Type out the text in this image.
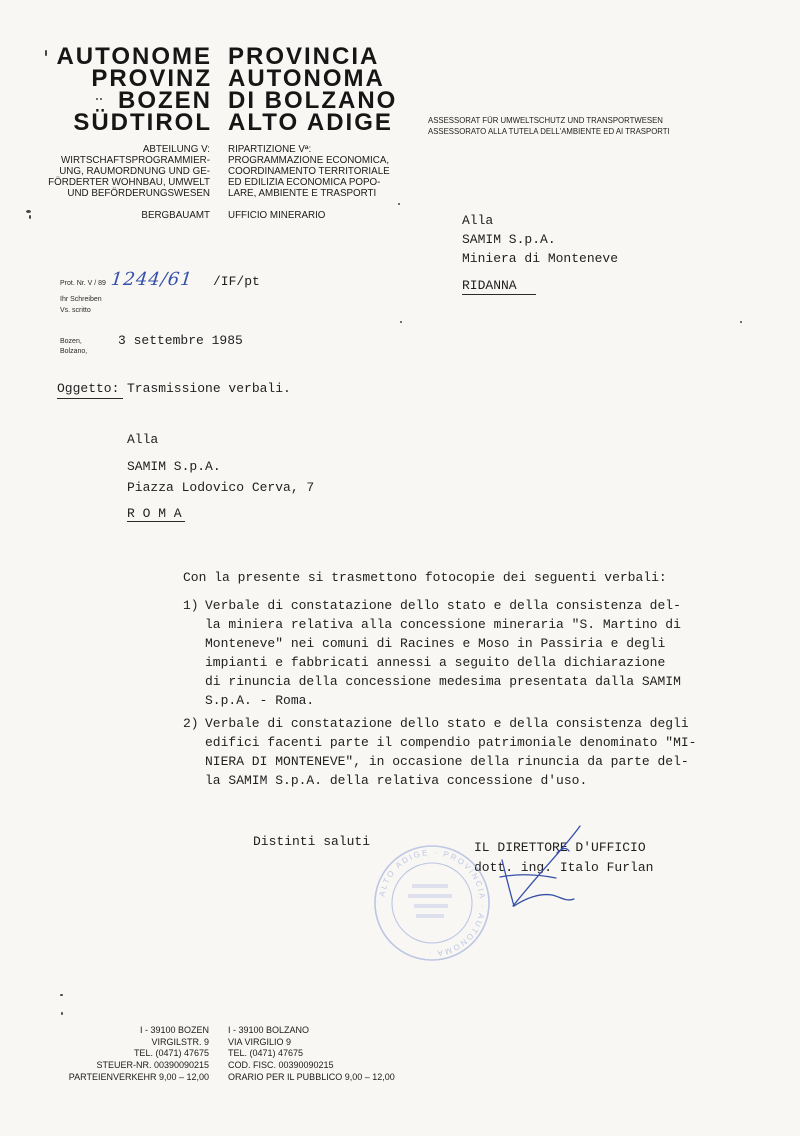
AUTONOME
PROVINZ
BOZEN
SÜDTIROL
PROVINCIA
AUTONOMA
DI BOLZANO
ALTO ADIGE	ASSESSORAT FÜR UMWELTSCHUTZ UND TRANSPORTWESEN
ASSESSORATO ALLA TUTELA DELL'AMBIENTE ED AI TRASPORTI
ABTEILUNG V:
WIRTSCHAFTSPROGRAMMIER-
UNG, RAUMORDNUNG UND GE-
FÖRDERTER WOHNBAU, UMWELT
UND BEFÖRDERUNGSWESEN
RIPARTIZIONE Vª:
PROGRAMMAZIONE ECONOMICA,
COORDINAMENTO TERRITORIALE
ED EDILIZIA ECONOMICA POPO-
LARE, AMBIENTE E TRASPORTI
BERGBAUAMT UFFICIO MINERARIO	Alla
SAMIM S.p.A.
Miniera di Monteneve
RIDANNA
Prot. Nr. V / 89 1244/61 /IF/pt
Ihr Schreiben
Vs. scritto
Bozen,
Bolzano,
3 settembre 1985
Oggetto: Trasmissione verbali.
Alla
SAMIM S.p.A.
Piazza Lodovico Cerva, 7
R O M A
Con la presente si trasmettono fotocopie dei seguenti verbali:
1) Verbale di constatazione dello stato e della consistenza del-
la miniera relativa alla concessione mineraria "S. Martino di
Monteneve" nei comuni di Racines e Moso in Passiria e degli
impianti e fabbricati annessi a seguito della dichiarazione
di rinuncia della concessione medesima presentata dalla SAMIM
S.p.A. - Roma.
2) Verbale di constatazione dello stato e della consistenza degli
edifici facenti parte il compendio patrimoniale denominato "MI-
NIERA DI MONTENEVE", in occasione della rinuncia da parte del-
la SAMIM S.p.A. della relativa concessione d'uso.
Distinti saluti	IL DIRETTORE D'UFFICIO
dott. ing. Italo Furlan
I - 39100 BOZEN
VIRGILSTR. 9
TEL. (0471) 47675
STEUER-NR. 00390090215
PARTEIENVERKEHR 9,00 – 12,00
I - 39100 BOLZANO
VIA VIRGILIO 9
TEL. (0471) 47675
COD. FISC. 00390090215
ORARIO PER IL PUBBLICO 9,00 – 12,00
ALTO ADIGE · PROVINCIA · AUTONOMA ·
